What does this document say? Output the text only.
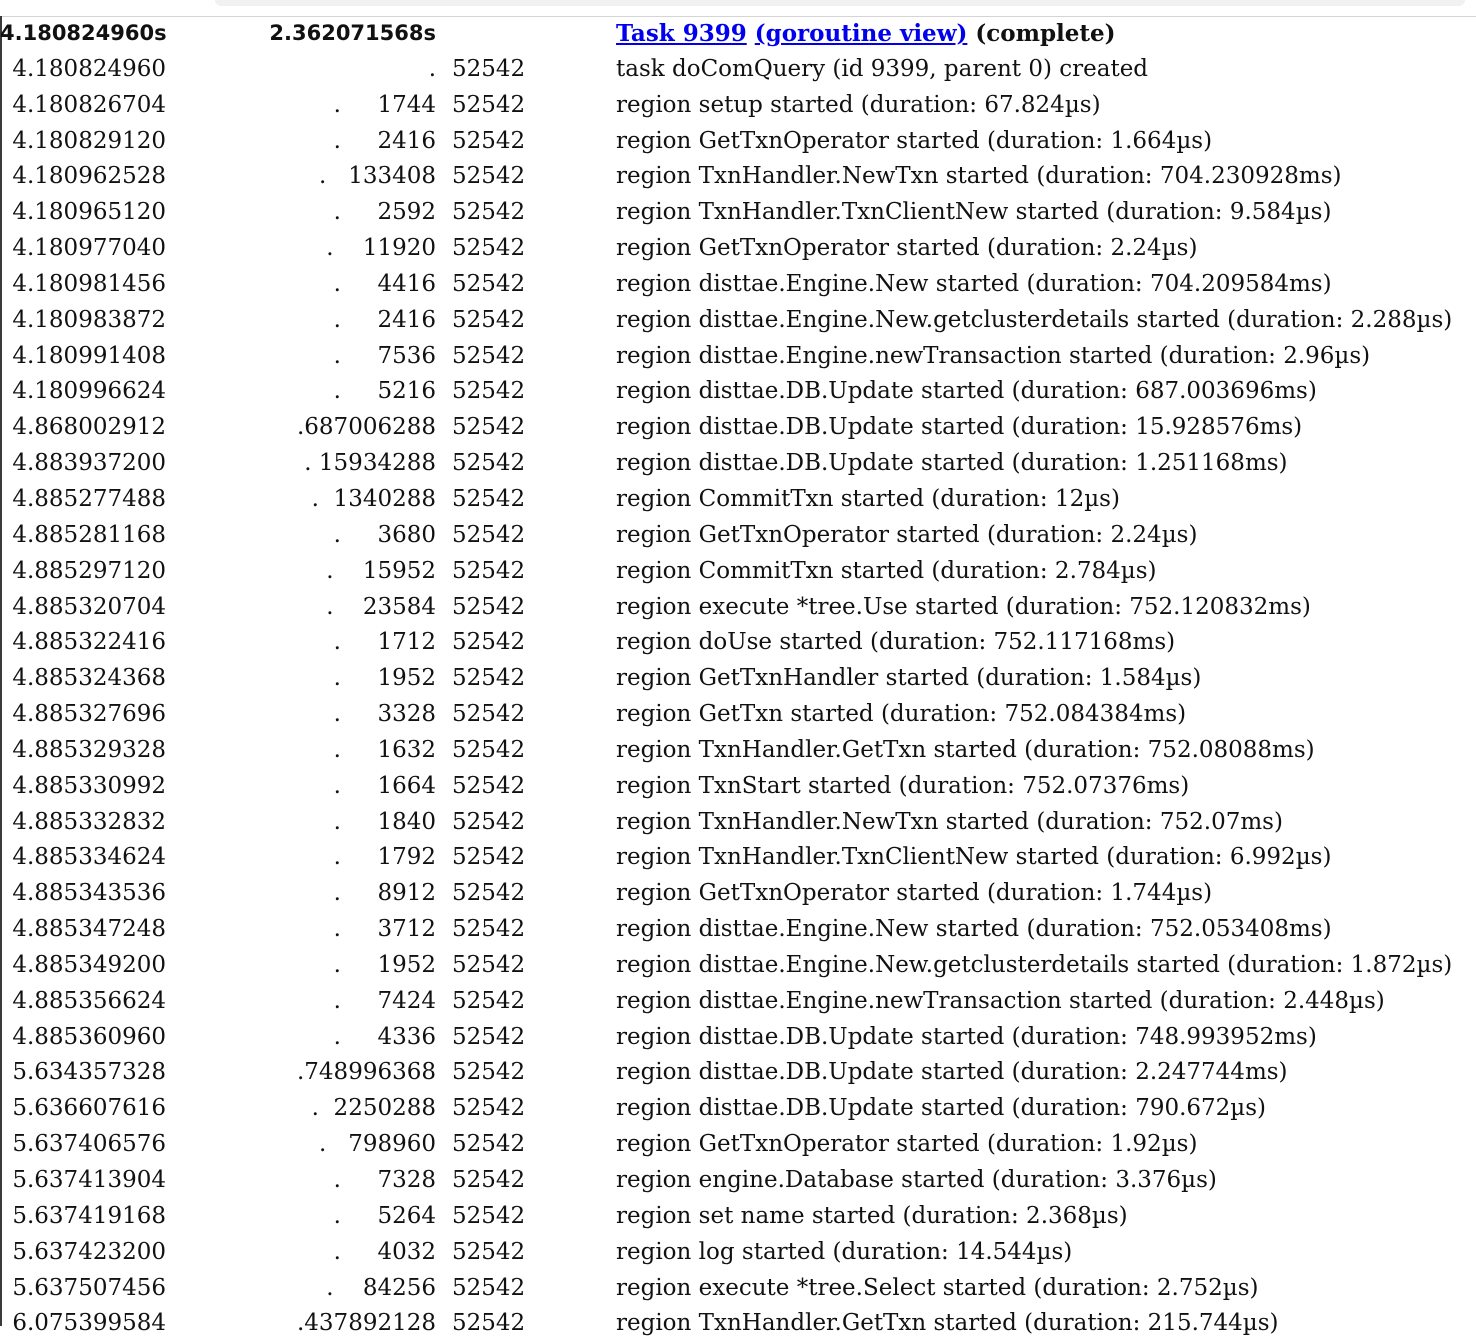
4.180824960s		2.362071568s				Task 9399 (goroutine view) (complete)
4.180824960		.		52542		task doComQuery (id 9399, parent 0) created
4.180826704		.     1744		52542		region setup started (duration: 67.824µs)
4.180829120		.     2416		52542		region GetTxnOperator started (duration: 1.664µs)
4.180962528		.   133408		52542		region TxnHandler.NewTxn started (duration: 704.230928ms)
4.180965120		.     2592		52542		region TxnHandler.TxnClientNew started (duration: 9.584µs)
4.180977040		.    11920		52542		region GetTxnOperator started (duration: 2.24µs)
4.180981456		.     4416		52542		region disttae.Engine.New started (duration: 704.209584ms)
4.180983872		.     2416		52542		region disttae.Engine.New.getclusterdetails started (duration: 2.288µs)
4.180991408		.     7536		52542		region disttae.Engine.newTransaction started (duration: 2.96µs)
4.180996624		.     5216		52542		region disttae.DB.Update started (duration: 687.003696ms)
4.868002912		.687006288		52542		region disttae.DB.Update started (duration: 15.928576ms)
4.883937200		. 15934288		52542		region disttae.DB.Update started (duration: 1.251168ms)
4.885277488		.  1340288		52542		region CommitTxn started (duration: 12µs)
4.885281168		.     3680		52542		region GetTxnOperator started (duration: 2.24µs)
4.885297120		.    15952		52542		region CommitTxn started (duration: 2.784µs)
4.885320704		.    23584		52542		region execute *tree.Use started (duration: 752.120832ms)
4.885322416		.     1712		52542		region doUse started (duration: 752.117168ms)
4.885324368		.     1952		52542		region GetTxnHandler started (duration: 1.584µs)
4.885327696		.     3328		52542		region GetTxn started (duration: 752.084384ms)
4.885329328		.     1632		52542		region TxnHandler.GetTxn started (duration: 752.08088ms)
4.885330992		.     1664		52542		region TxnStart started (duration: 752.07376ms)
4.885332832		.     1840		52542		region TxnHandler.NewTxn started (duration: 752.07ms)
4.885334624		.     1792		52542		region TxnHandler.TxnClientNew started (duration: 6.992µs)
4.885343536		.     8912		52542		region GetTxnOperator started (duration: 1.744µs)
4.885347248		.     3712		52542		region disttae.Engine.New started (duration: 752.053408ms)
4.885349200		.     1952		52542		region disttae.Engine.New.getclusterdetails started (duration: 1.872µs)
4.885356624		.     7424		52542		region disttae.Engine.newTransaction started (duration: 2.448µs)
4.885360960		.     4336		52542		region disttae.DB.Update started (duration: 748.993952ms)
5.634357328		.748996368		52542		region disttae.DB.Update started (duration: 2.247744ms)
5.636607616		.  2250288		52542		region disttae.DB.Update started (duration: 790.672µs)
5.637406576		.   798960		52542		region GetTxnOperator started (duration: 1.92µs)
5.637413904		.     7328		52542		region engine.Database started (duration: 3.376µs)
5.637419168		.     5264		52542		region set name started (duration: 2.368µs)
5.637423200		.     4032		52542		region log started (duration: 14.544µs)
5.637507456		.    84256		52542		region execute *tree.Select started (duration: 2.752µs)
6.075399584		.437892128		52542		region TxnHandler.GetTxn started (duration: 215.744µs)
